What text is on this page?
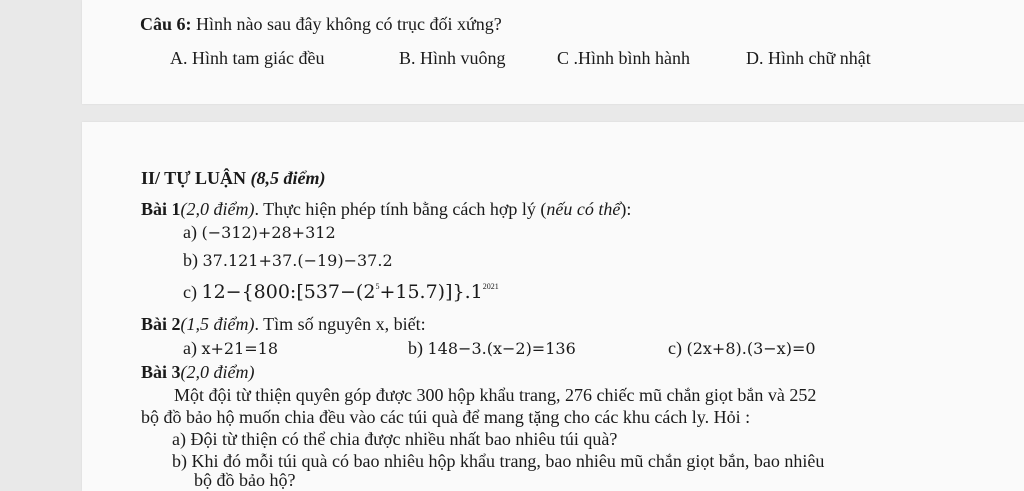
Câu 6: Hình nào sau đây không có trục đối xứng?
A. Hình tam giác đều	B. Hình vuông	C .Hình bình hành	D. Hình chữ nhật
II/ TỰ LUẬN (8,5 điểm)
Bài 1(2,0 điểm). Thực hiện phép tính bằng cách hợp lý (nếu có thể):
a) (−312)+28+312
b) 37.121+37.(−19)−37.2
c) $12-\{800:[537-(2^5+15.7)]\}.1^{2021}$
Bài 2(1,5 điểm). Tìm số nguyên x, biết:
a) x+21=18	b) 148−3.(x−2)=136	c) (2x+8).(3−x)=0
Bài 3(2,0 điểm)
Một đội từ thiện quyên góp được 300 hộp khẩu trang, 276 chiếc mũ chắn giọt bắn và 252
bộ đồ bảo hộ muốn chia đều vào các túi quà để mang tặng cho các khu cách ly. Hỏi :
a) Đội từ thiện có thể chia được nhiều nhất bao nhiêu túi quà?
b) Khi đó mỗi túi quà có bao nhiêu hộp khẩu trang, bao nhiêu mũ chắn giọt bắn, bao nhiêu
bộ đồ bảo hộ?
